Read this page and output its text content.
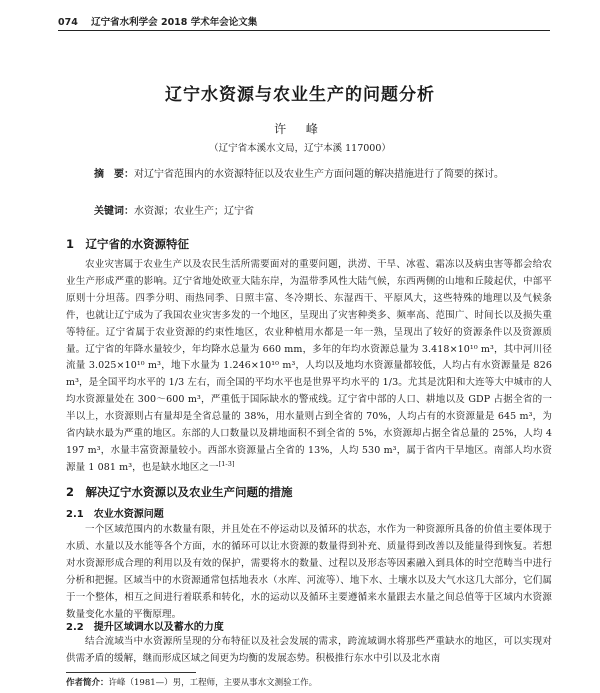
074 辽宁省水利学会 2018 学术年会论文集
辽宁水资源与农业生产的问题分析
许 峰
（辽宁省本溪水文局，辽宁本溪 117000）
摘　要：对辽宁省范围内的水资源特征以及农业生产方面问题的解决措施进行了简要的探讨。
关键词：水资源；农业生产；辽宁省
1　辽宁省的水资源特征

农业灾害属于农业生产以及农民生活所需要面对的重要问题，洪涝、干旱、冰雹、霜冻以及病虫害等都会给农业生产形成严重的影响。辽宁省地处欧亚大陆东岸，为温带季风性大陆气候，东西两侧的山地和丘陵起伏，中部平原则十分坦荡。四季分明、雨热同季、日照丰富、冬冷期长、东湿西干、平原风大，这些特殊的地理以及气候条件，也就让辽宁成为了我国农业灾害多发的一个地区，呈现出了灾害种类多、频率高、范围广、时间长以及损失重等特征。辽宁省属于农业资源的约束性地区，农业种植用水都是一年一熟，呈现出了较好的资源条件以及资源质量。辽宁省的年降水量较少，年均降水总量为 660 mm，多年的年均水资源总量为 3.418×10¹⁰ m³，其中河川径流量 3.025×10¹⁰ m³，地下水量为 1.246×10¹⁰ m³，人均以及地均水资源量都较低，人均占有水资源量是 826 m³，是全国平均水平的 1/3 左右，而全国的平均水平也是世界平均水平的 1/3。尤其是沈阳和大连等大中城市的人均水资源量处在 300～600 m³，严重低于国际缺水的警戒线。辽宁省中部的人口、耕地以及 GDP 占据全省的一半以上，水资源则占有量却是全省总量的 38%，用水量则占到全省的 70%，人均占有的水资源量是 645 m³，为省内缺水最为严重的地区。东部的人口数量以及耕地面积不到全省的 5%，水资源却占据全省总量的 25%，人均 4 197 m³，水量丰富资源量较小。西部水资源量占全省的 13%，人均 530 m³，属于省内干旱地区。南部人均水资源量 1 081 m³，也是缺水地区之一[1-3]

2　解决辽宁水资源以及农业生产问题的措施
2.1　农业水资源问题

一个区域范围内的水数量有限，并且处在不停运动以及循环的状态，水作为一种资源所具备的价值主要体现于水质、水量以及水能等各个方面，水的循环可以让水资源的数量得到补充、质量得到改善以及能量得到恢复。若想对水资源形成合理的利用以及有效的保护，需要将水的数量、过程以及形态等因素融入到具体的时空范畴当中进行分析和把握。区域当中的水资源通常包括地表水（水库、河流等）、地下水、土壤水以及大气水这几大部分，它们属于一个整体，相互之间进行着联系和转化，水的运动以及循环主要遵循来水量跟去水量之间总值等于区域内水资源数量变化水量的平衡原理。

2.2　提升区域调水以及蓄水的力度

结合流域当中水资源所呈现的分布特征以及社会发展的需求，跨流域调水将那些严重缺水的地区，可以实现对供需矛盾的缓解，继而形成区域之间更为均衡的发展态势。积极推行东水中引以及北水南

作者简介：许峰（1981—）男，工程师，主要从事水文测验工作。
